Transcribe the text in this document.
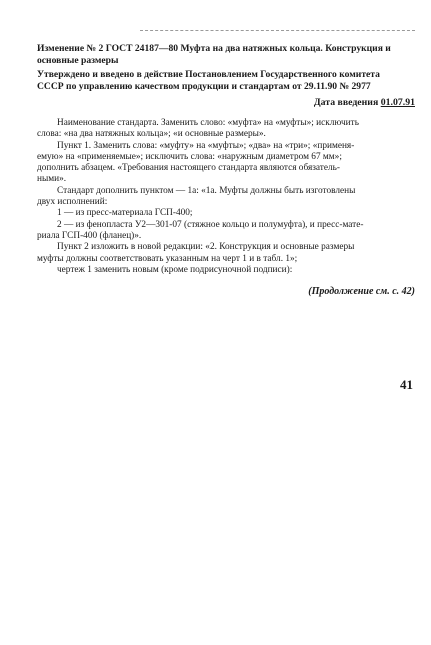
Изменение № 2 ГОСТ 24187—80 Муфта на два натяжных кольца. Конструкция и
основные размеры
Утверждено и введено в действие Постановлением Государственного комитета
СССР по управлению качеством продукции и стандартам от 29.11.90 № 2977
Дата введения 01.07.91

Наименование стандарта. Заменить слово: «муфта» на «муфты»; исключить
слова: «на два натяжных кольца»; «и основные размеры».

Пункт 1. Заменить слова: «муфту» на «муфты»; «два» на «три»; «применя-
емую» на «применяемые»; исключить слова: «наружным диаметром 67 мм»;
дополнить абзацем. «Требования настоящего стандарта являются обязатель-
ными».

Стандарт дополнить пунктом — 1а: «1а. Муфты должны быть изготовлены
двух исполнений:

1 — из пресс-материала ГСП-400;

2 — из фенопласта У2—301-07 (стяжное кольцо и полумуфта), и пресс-мате-
риала ГСП-400 (фланец)».

Пункт 2 изложить в новой редакции: «2. Конструкция и основные размеры
муфты должны соответствовать указанным на черт 1 и в табл. 1»;

чертеж 1 заменить новым (кроме подрисуночной подписи):

(Продолжение см. с. 42)
41
